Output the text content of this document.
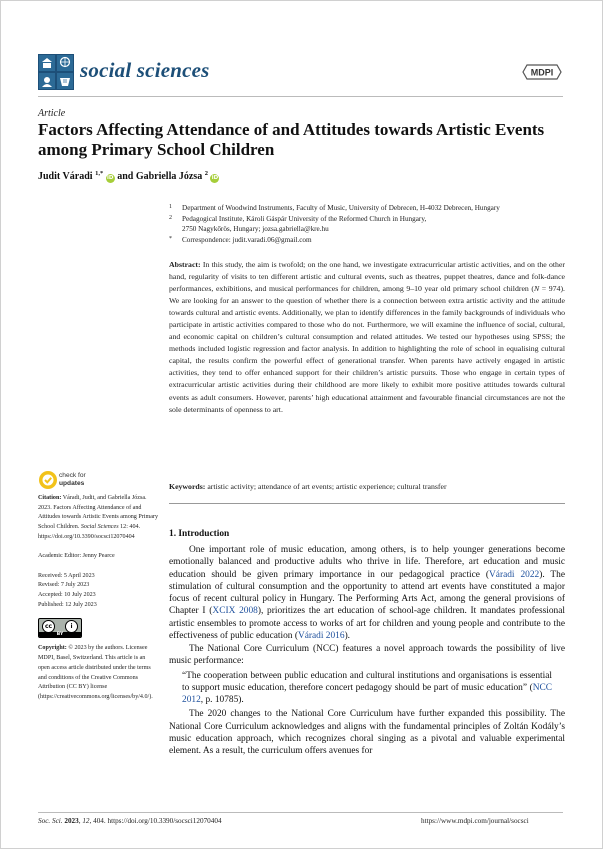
social sciences	MDPI
Article
Factors Affecting Attendance of and Attitudes towards Artistic Events among Primary School Children
Judit Váradi $^{1,*}$ iD and Gabriella Józsa $^2$ iD
1 Department of Woodwind Instruments, Faculty of Music, University of Debrecen, H-4032 Debrecen, Hungary
2 Pedagogical Institute, Károli Gáspár University of the Reformed Church in Hungary,
2750 Nagykőrös, Hungary; jozsa.gabriella@kre.hu
* Correspondence: judit.varadi.06@gmail.com
Abstract: In this study, the aim is twofold; on the one hand, we investigate extracurricular artistic activities, and on the other hand, regularity of visits to ten different artistic and cultural events, such as theatres, puppet theatres, dance and folk-dance performances, exhibitions, and musical performances for children, among 9–10 year old primary school children (N = 974). We are looking for an answer to the question of whether there is a connection between extra artistic activity and the attitude towards cultural and artistic events. Additionally, we plan to identify differences in the family backgrounds of individuals who participate in artistic activities compared to those who do not. Furthermore, we will examine the influence of social, cultural, and economic capital on children’s cultural consumption and related attitudes. We tested our hypotheses using SPSS; the methods included logistic regression and factor analysis. In addition to highlighting the role of school in equalising cultural capital, the results confirm the powerful effect of generational transfer. When parents have actively engaged in artistic activities, they tend to offer enhanced support for their children’s artistic pursuits. Those who engage in certain types of extracurricular artistic activities during their childhood are more likely to exhibit more positive attitudes towards cultural events as adult consumers. However, parents’ high educational attainment and favourable financial circumstances are not the sole determinants of openness to art.
Keywords: artistic activity; attendance of art events; artistic experience; cultural transfer
check for
updates

Citation: Váradi, Judit, and Gabriella Józsa. 2023. Factors Affecting Attendance of and Attitudes towards Artistic Events among Primary School Children. Social Sciences 12: 404. https://doi.org/10.3390/socsci12070404

Academic Editor: Jenny Pearce

Received: 5 April 2023

Revised: 7 July 2023

Accepted: 10 July 2023

Published: 12 July 2023

cc	i
BY

Copyright: © 2023 by the authors. Licensee MDPI, Basel, Switzerland. This article is an open access article distributed under the terms and conditions of the Creative Commons Attribution (CC BY) license (https://creativecommons.org/licenses/by/4.0/).

1. Introduction

One important role of music education, among others, is to help younger generations become emotionally balanced and productive adults who thrive in life. Therefore, art education and music education should be given primary importance in our pedagogical practice (Váradi 2022). The stimulation of cultural consumption and the opportunity to attend art events have constituted a major focus of recent cultural policy in Hungary. The Performing Arts Act, among the general provisions of Chapter I (XCIX 2008), prioritizes the art education of school-age children. It mandates professional artistic ensembles to promote access to works of art for children and young people and contribute to the effectiveness of public education (Váradi 2016).

The National Core Curriculum (NCC) features a novel approach towards the possibility of live music performance:

“The cooperation between public education and cultural institutions and organisations is essential to support music education, therefore concert pedagogy should be part of music education” (NCC 2012, p. 10785).

The 2020 changes to the National Core Curriculum have further expanded this possibility. The National Core Curriculum acknowledges and aligns with the fundamental principles of Zoltán Kodály’s music education approach, which recognizes choral singing as a pivotal and valuable experimental element. As a result, the curriculum offers avenues for

Soc. Sci. 2023, 12, 404. https://doi.org/10.3390/socsci12070404	https://www.mdpi.com/journal/socsci
